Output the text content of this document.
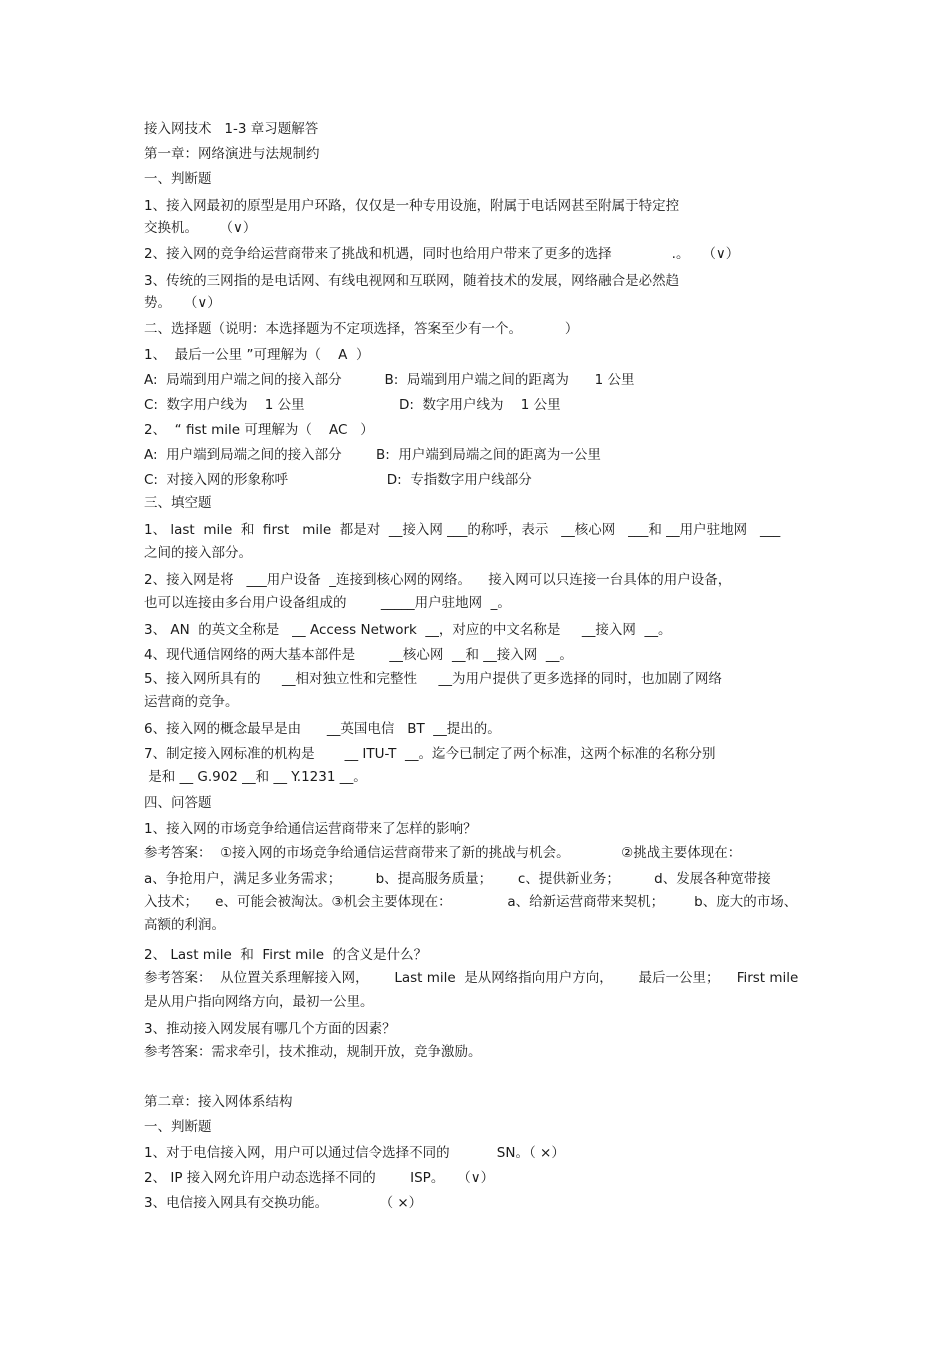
接入网技术   1-3 章习题解答
第一章：网络演进与法规制约
一、判断题
1、接入网最初的原型是用户环路，仅仅是一种专用设施，附属于电话网甚至附属于特定控
交换机。     （∨）
2、接入网的竞争给运营商带来了挑战和机遇，同时也给用户带来了更多的选择              .。   （∨）
3、传统的三网指的是电话网、有线电视网和互联网，随着技术的发展，网络融合是必然趋
势。   （∨）
二、选择题（说明：本选择题为不定项选择，答案至少有一个。          ）
1、  最后一公里 ”可理解为（    A  ）
A:  局端到用户端之间的接入部分          B:  局端到用户端之间的距离为      1 公里
C:  数字用户线为    1 公里                      D:  数字用户线为    1 公里
2、  “ fist mile 可理解为（    AC   ）
A:  用户端到局端之间的接入部分        B:  用户端到局端之间的距离为一公里
C:  对接入网的形象称呼                       D:  专指数字用户线部分
三、填空题
1、 last  mile  和  first   mile  都是对  __接入网 ___的称呼，表示   __核心网   ___和 __用户驻地网   ___
之间的接入部分。
2、接入网是将   ___用户设备  _连接到核心网的网络。    接入网可以只连接一台具体的用户设备，
也可以连接由多台用户设备组成的        _____用户驻地网  _。
3、 AN  的英文全称是   __ Access Network  __，对应的中文名称是     __接入网  __。
4、现代通信网络的两大基本部件是        __核心网  __和 __接入网  __。
5、接入网所具有的     __相对独立性和完整性     __为用户提供了更多选择的同时，也加剧了网络
运营商的竞争。
6、接入网的概念最早是由      __英国电信   BT  __提出的。
7、制定接入网标准的机构是       __ ITU-T  __。迄今已制定了两个标准，这两个标准的名称分别
是和 __ G.902 __和 __ Y.1231 __。
四、问答题
1、接入网的市场竞争给通信运营商带来了怎样的影响？
参考答案：  ①接入网的市场竞争给通信运营商带来了新的挑战与机会。            ②挑战主要体现在：
a、争抢用户，满足多业务需求；        b、提高服务质量；      c、提供新业务；        d、发展各种宽带接
入技术；    e、可能会被淘汰。③机会主要体现在：             a、给新运营商带来契机；       b、庞大的市场、
高额的利润。
2、 Last mile  和  First mile  的含义是什么？
参考答案：  从位置关系理解接入网，      Last mile  是从网络指向用户方向，      最后一公里；    First mile
是从用户指向网络方向，最初一公里。
3、推动接入网发展有哪几个方面的因素？
参考答案：需求牵引，技术推动，规制开放，竞争激励。
第二章：接入网体系结构
一、判断题
1、对于电信接入网，用户可以通过信令选择不同的           SN。（ ×）
2、 IP 接入网允许用户动态选择不同的        ISP。   （∨）
3、电信接入网具有交换功能。            （ ×）
